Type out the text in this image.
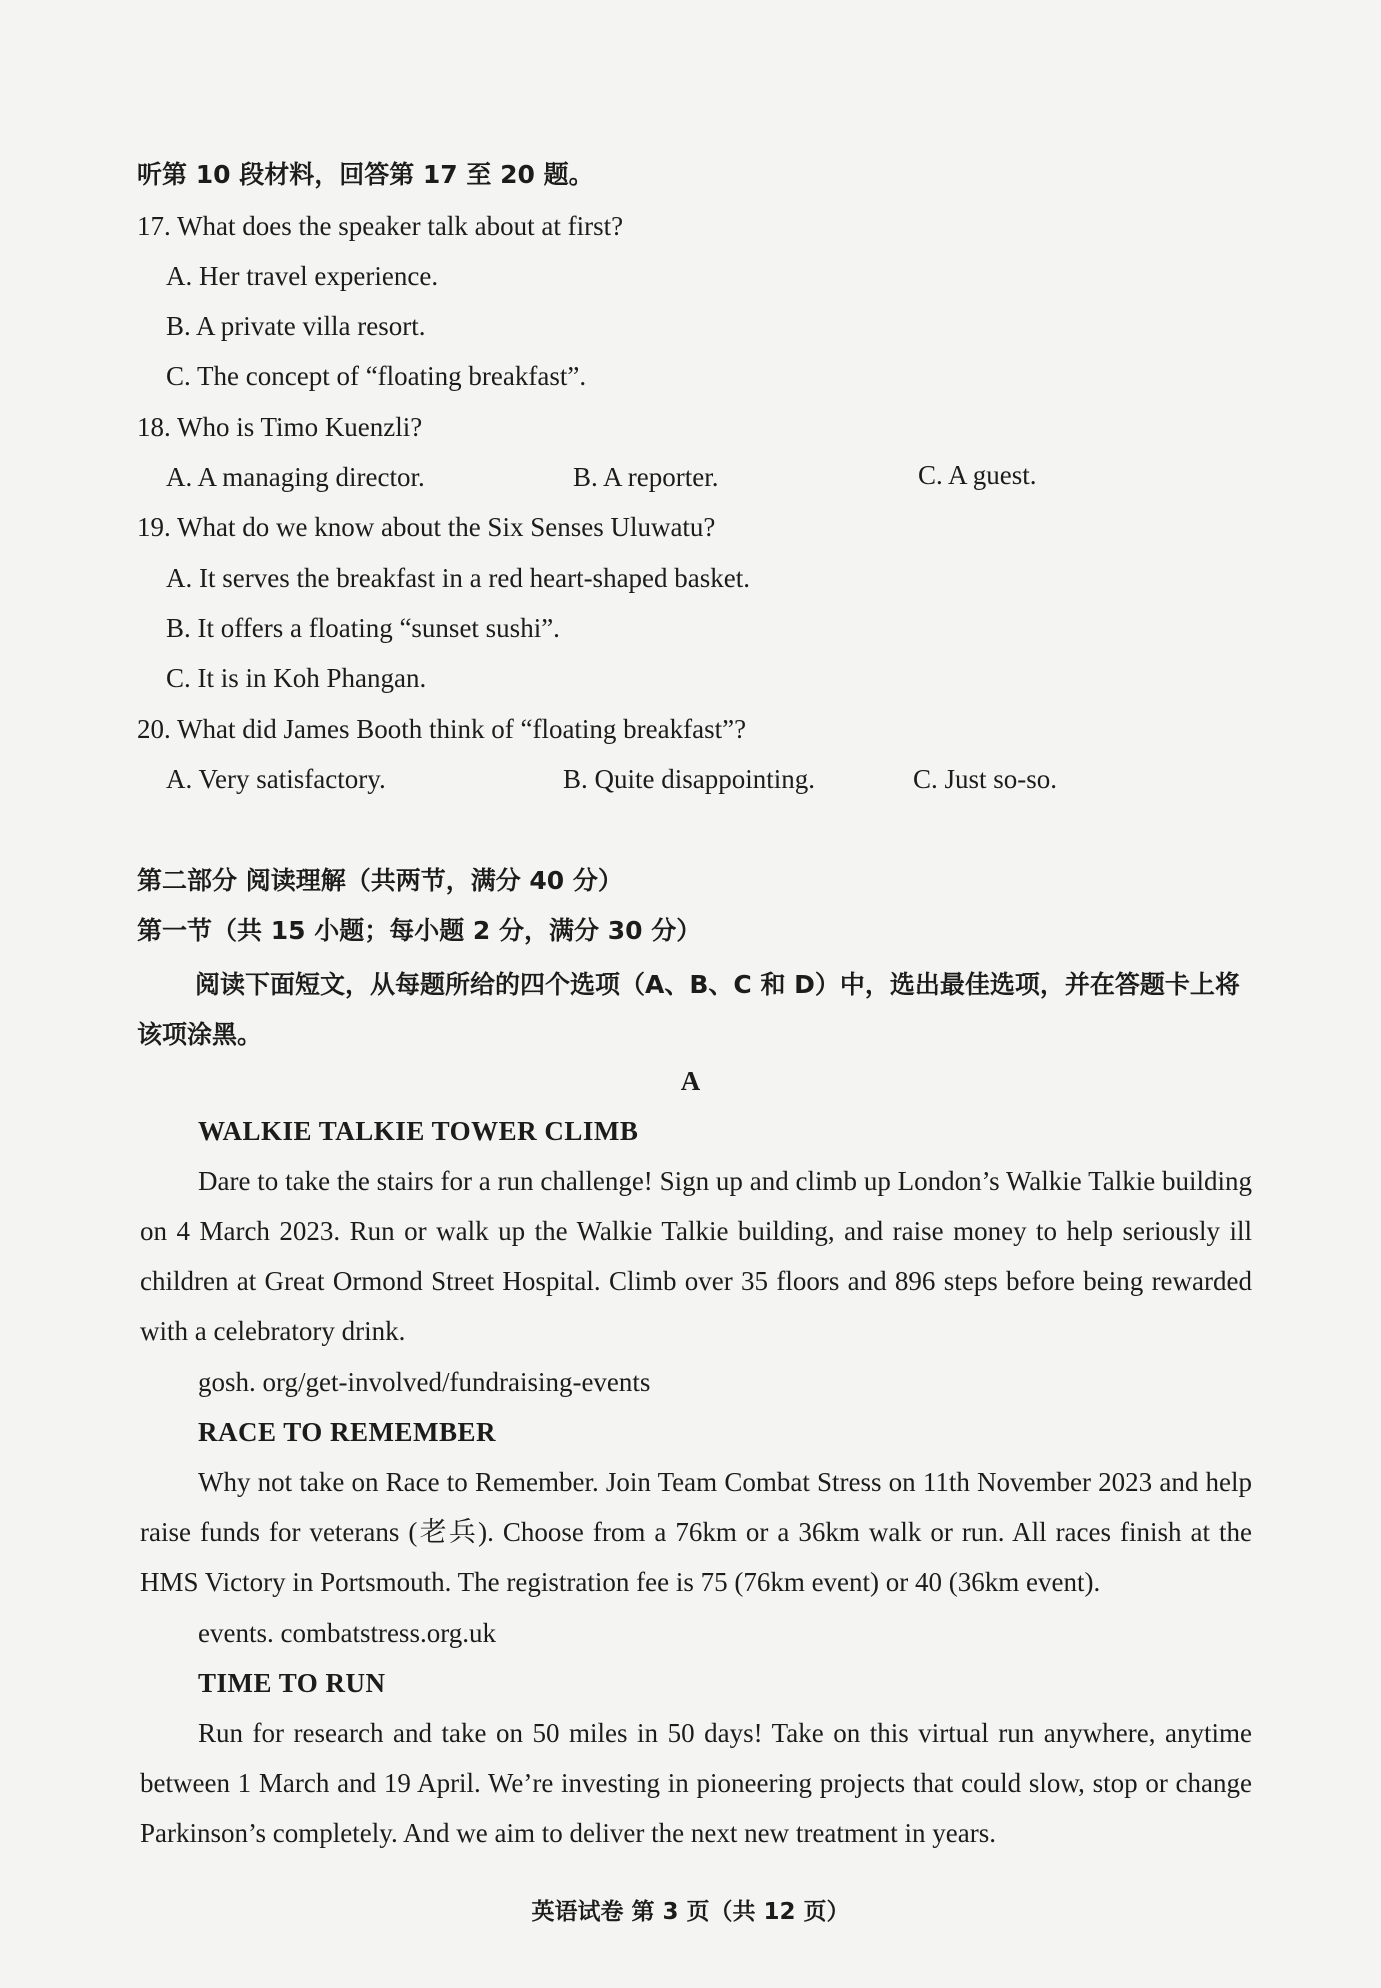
听第 10 段材料，回答第 17 至 20 题。
17. What does the speaker talk about at first?
A. Her travel experience.
B. A private villa resort.
C. The concept of “floating breakfast”.
18. Who is Timo Kuenzli?
A. A managing director.	B. A reporter.	C. A guest.
19. What do we know about the Six Senses Uluwatu?
A. It serves the breakfast in a red heart-shaped basket.
B. It offers a floating “sunset sushi”.
C. It is in Koh Phangan.
20. What did James Booth think of “floating breakfast”?
A. Very satisfactory.	B. Quite disappointing.	C. Just so-so.
第二部分 阅读理解（共两节，满分 40 分）
第一节（共 15 小题；每小题 2 分，满分 30 分）
阅读下面短文，从每题所给的四个选项（A、B、C 和 D）中，选出最佳选项，并在答题卡上将该项涂黑。
A
WALKIE TALKIE TOWER CLIMB

Dare to take the stairs for a run challenge! Sign up and climb up London’s Walkie Talkie building on 4 March 2023. Run or walk up the Walkie Talkie building, and raise money to help seriously ill children at Great Ormond Street Hospital. Climb over 35 floors and 896 steps before being rewarded with a celebratory drink.

gosh. org/get-involved/fundraising-events
RACE TO REMEMBER

Why not take on Race to Remember. Join Team Combat Stress on 11th November 2023 and help raise funds for veterans (老兵). Choose from a 76km or a 36km walk or run. All races finish at the HMS Victory in Portsmouth. The registration fee is 75 (76km event) or 40 (36km event).

events. combatstress.org.uk
TIME TO RUN

Run for research and take on 50 miles in 50 days! Take on this virtual run anywhere, anytime between 1 March and 19 April. We’re investing in pioneering projects that could slow, stop or change Parkinson’s completely. And we aim to deliver the next new treatment in years.

英语试卷 第 3 页（共 12 页）
